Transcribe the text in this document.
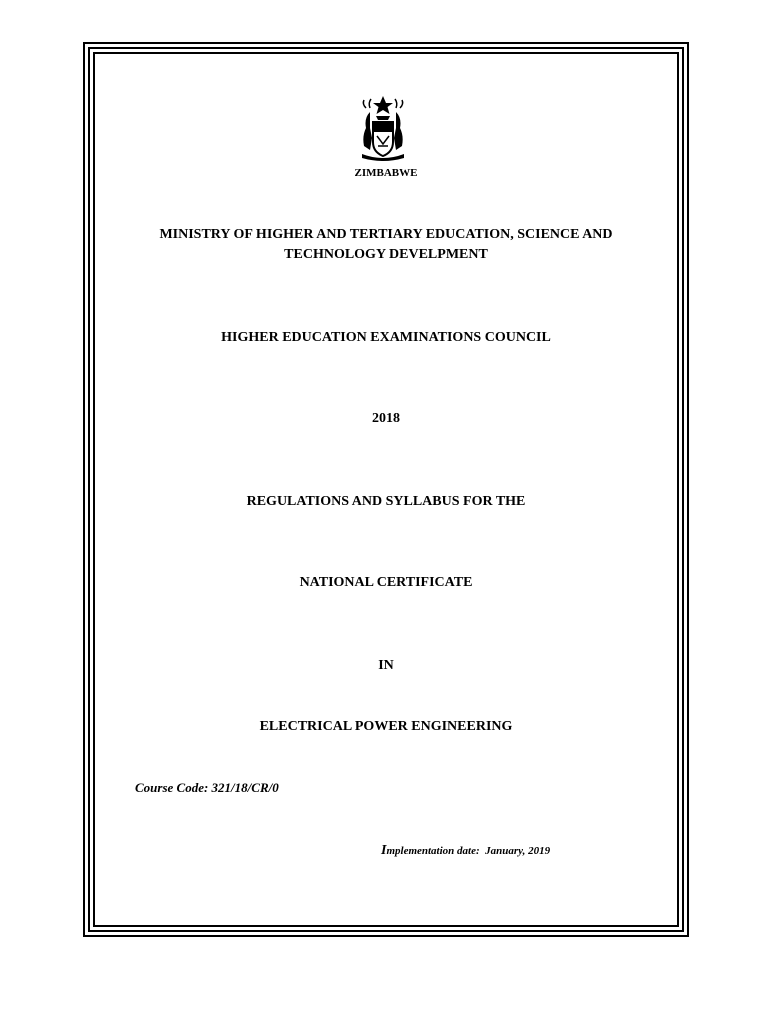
ZIMBABWE
MINISTRY OF HIGHER AND TERTIARY EDUCATION, SCIENCE AND
TECHNOLOGY DEVELPMENT
HIGHER EDUCATION EXAMINATIONS COUNCIL
2018
REGULATIONS AND SYLLABUS FOR THE
NATIONAL CERTIFICATE
IN
ELECTRICAL POWER ENGINEERING
Course Code: 321/18/CR/0
Implementation date:  January, 2019
